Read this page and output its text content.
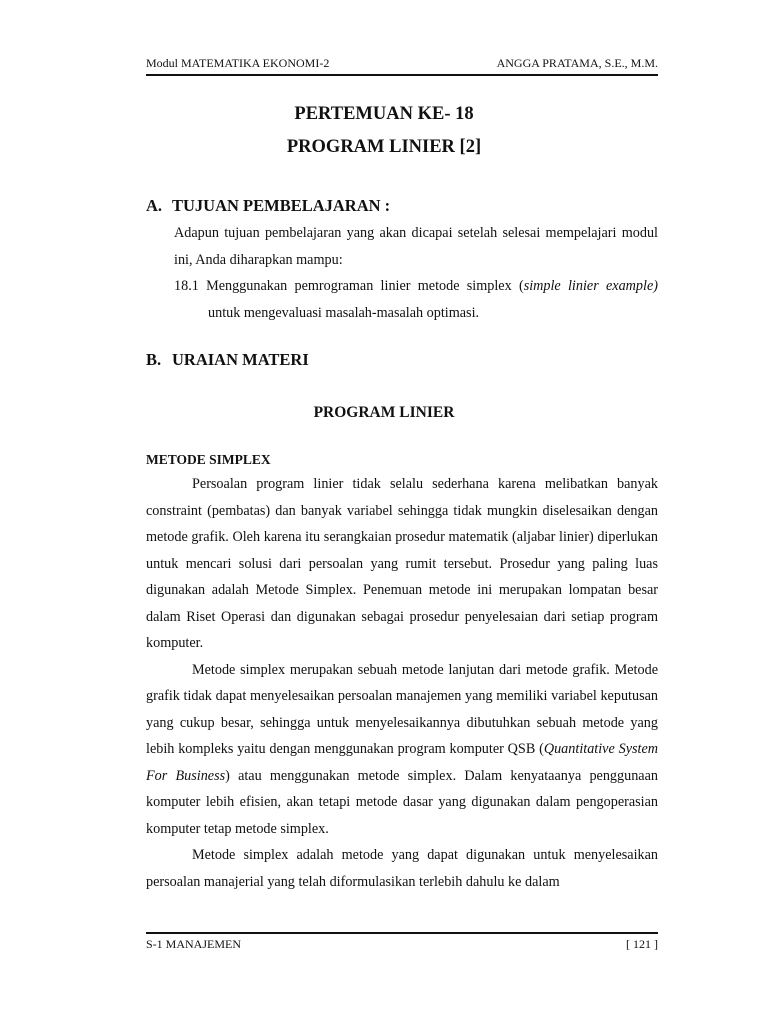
Modul MATEMATIKA EKONOMI-2	ANGGA PRATAMA, S.E., M.M.
PERTEMUAN KE- 18
PROGRAM LINIER [2]
A. TUJUAN PEMBELAJARAN :

Adapun tujuan pembelajaran yang akan dicapai setelah selesai mempelajari modul ini, Anda diharapkan mampu:

18.1 Menggunakan pemrograman linier metode simplex (simple linier example) untuk mengevaluasi masalah-masalah optimasi.

B. URAIAN MATERI
PROGRAM LINIER
METODE SIMPLEX

Persoalan program linier tidak selalu sederhana karena melibatkan banyak constraint (pembatas) dan banyak variabel sehingga tidak mungkin diselesaikan dengan metode grafik. Oleh karena itu serangkaian prosedur matematik (aljabar linier) diperlukan untuk mencari solusi dari persoalan yang rumit tersebut. Prosedur yang paling luas digunakan adalah Metode Simplex. Penemuan metode ini merupakan lompatan besar dalam Riset Operasi dan digunakan sebagai prosedur penyelesaian dari setiap program komputer.

Metode simplex merupakan sebuah metode lanjutan dari metode grafik. Metode grafik tidak dapat menyelesaikan persoalan manajemen yang memiliki variabel keputusan yang cukup besar, sehingga untuk menyelesaikannya dibutuhkan sebuah metode yang lebih kompleks yaitu dengan menggunakan program komputer QSB (Quantitative System For Business) atau menggunakan metode simplex. Dalam kenyataanya penggunaan komputer lebih efisien, akan tetapi metode dasar yang digunakan dalam pengoperasian komputer tetap metode simplex.

Metode simplex adalah metode yang dapat digunakan untuk menyelesaikan persoalan manajerial yang telah diformulasikan terlebih dahulu ke dalam

S-1 MANAJEMEN	[ 121 ]
